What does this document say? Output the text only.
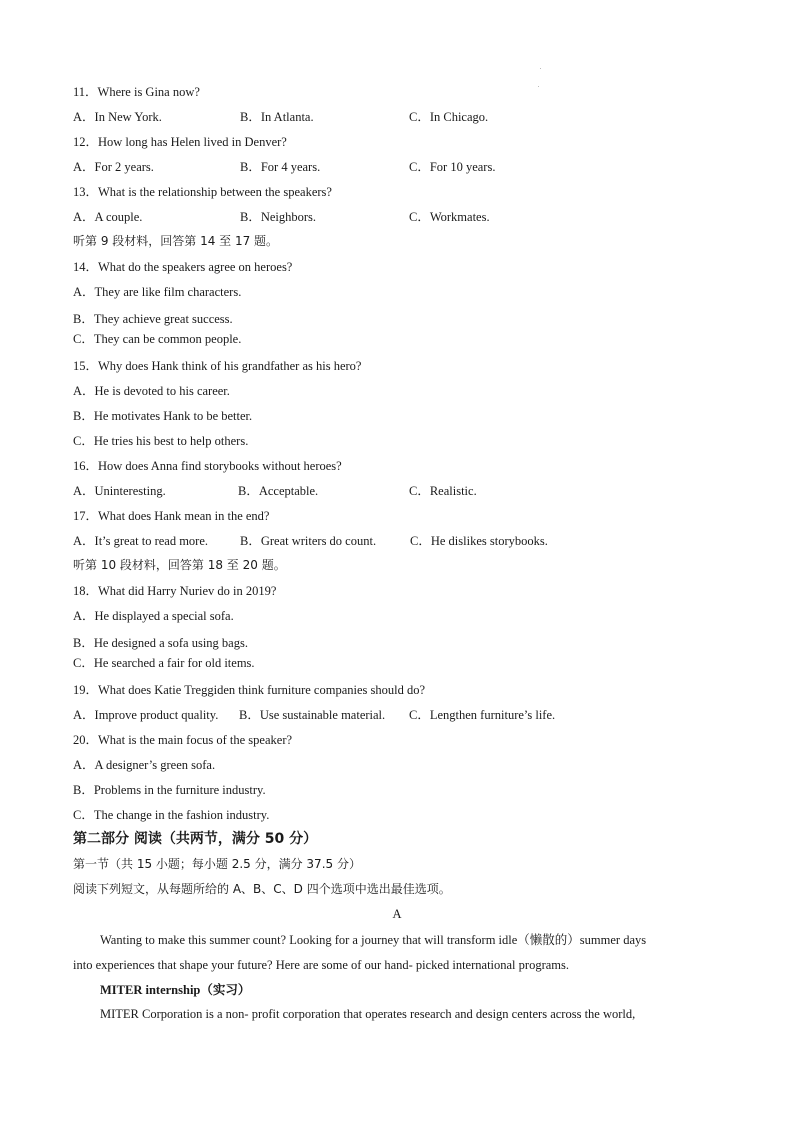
11．Where is Gina now?
A．In New York.	B．In Atlanta.	C．In Chicago.
12．How long has Helen lived in Denver?
A．For 2 years.	B．For 4 years.	C．For 10 years.
13．What is the relationship between the speakers?
A．A couple.	B．Neighbors.	C．Workmates.
听第 9 段材料，回答第 14 至 17 题。
14．What do the speakers agree on heroes?
A．They are like film characters.
B．They achieve great success.
C．They can be common people.
15．Why does Hank think of his grandfather as his hero?
A．He is devoted to his career.
B．He motivates Hank to be better.
C．He tries his best to help others.
16．How does Anna find storybooks without heroes?
A．Uninteresting.	B．Acceptable.	C．Realistic.
17．What does Hank mean in the end?
A．It’s great to read more.	B．Great writers do count.	C．He dislikes storybooks.
听第 10 段材料，回答第 18 至 20 题。
18．What did Harry Nuriev do in 2019?
A．He displayed a special sofa.
B．He designed a sofa using bags.
C．He searched a fair for old items.
19．What does Katie Treggiden think furniture companies should do?
A．Improve product quality. B．Use sustainable material. C．Lengthen furniture’s life.
20．What is the main focus of the speaker?
A．A designer’s green sofa.
B．Problems in the furniture industry.
C．The change in the fashion industry.
第二部分 阅读（共两节，满分 50 分）
第一节（共 15 小题；每小题 2.5 分，满分 37.5 分）
阅读下列短文，从每题所给的 A、B、C、D 四个选项中选出最佳选项。
A
Wanting to make this summer count? Looking for a journey that will transform idle（懒散的）summer days
into experiences that shape your future? Here are some of our hand- picked international programs.
MITER internship（实习）
MITER Corporation is a non- profit corporation that operates research and design centers across the world,
